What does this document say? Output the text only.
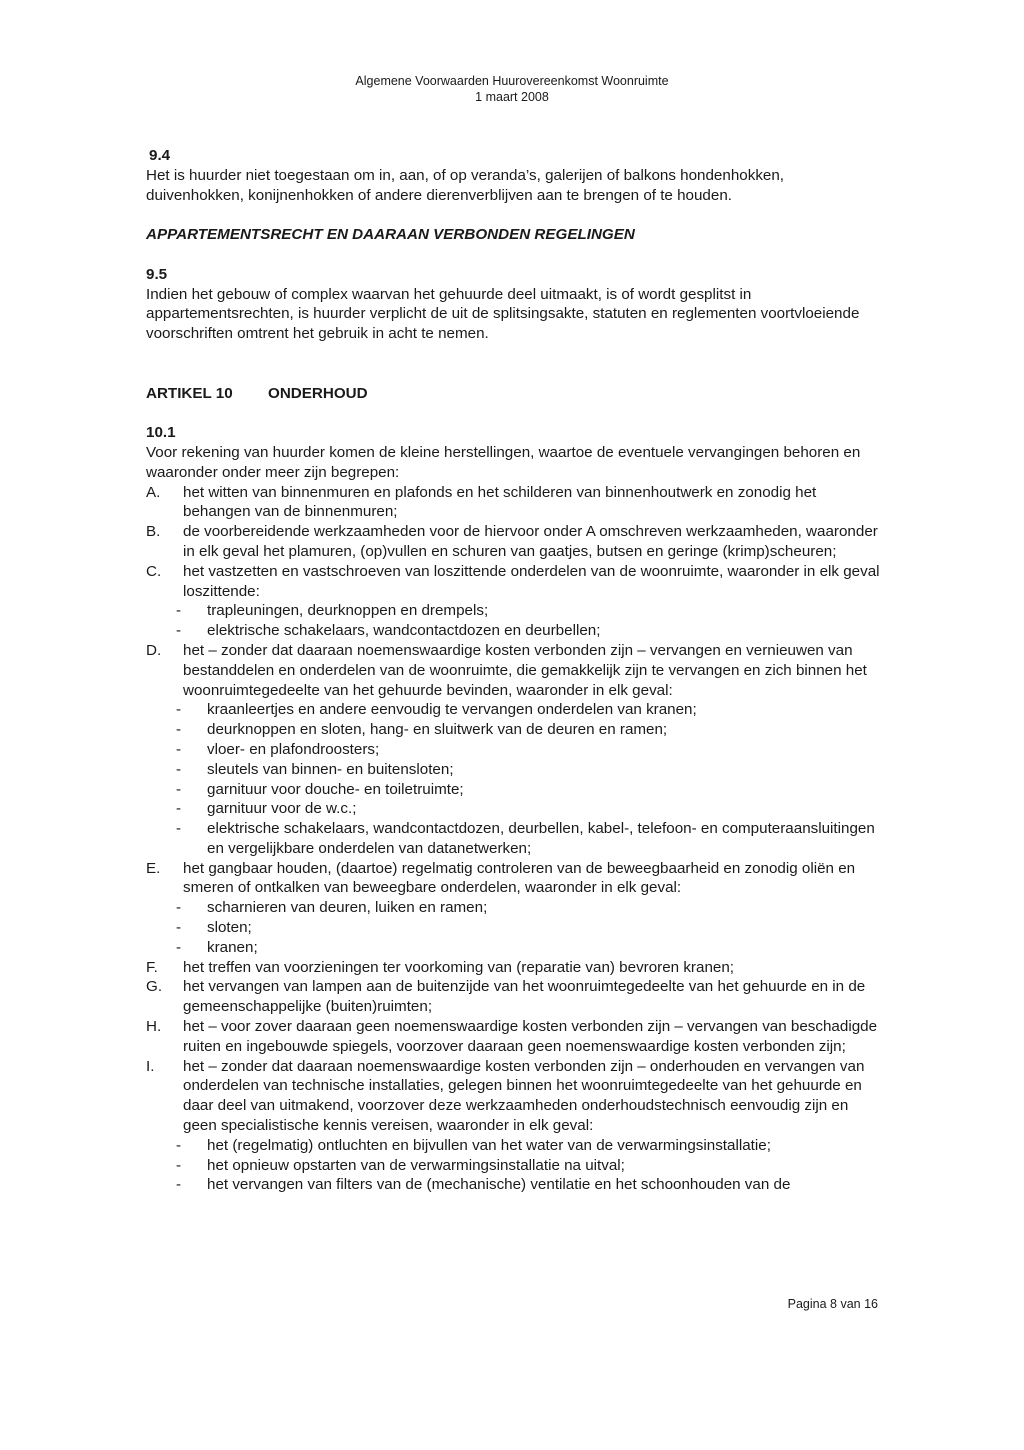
Algemene Voorwaarden Huurovereenkomst Woonruimte
1 maart 2008
9.4
Het is huurder niet toegestaan om in, aan, of op veranda’s, galerijen of balkons hondenhokken, duivenhokken, konijnenhokken of andere dierenverblijven aan te brengen of te houden.
APPARTEMENTSRECHT EN DAARAAN VERBONDEN REGELINGEN
9.5
Indien het gebouw of complex waarvan het gehuurde deel uitmaakt, is of wordt gesplitst in appartementsrechten, is huurder verplicht de uit de splitsingsakte, statuten en reglementen voortvloeiende voorschriften omtrent het gebruik in acht te nemen.
ARTIKEL 10	ONDERHOUD
10.1
Voor rekening van huurder komen de kleine herstellingen, waartoe de eventuele vervangingen behoren en waaronder onder meer zijn begrepen:
A.	het witten van binnenmuren en plafonds en het schilderen van binnenhoutwerk en zonodig het behangen van de binnenmuren;
B.	de voorbereidende werkzaamheden voor de hiervoor onder A omschreven werkzaamheden, waaronder in elk geval het plamuren, (op)vullen en schuren van gaatjes, butsen en geringe (krimp)scheuren;
C.	het vastzetten en vastschroeven van loszittende onderdelen van de woonruimte, waaronder in elk geval loszittende:
-	trapleuningen, deurknoppen en drempels;
-	elektrische schakelaars, wandcontactdozen en deurbellen;
D.	het – zonder dat daaraan noemenswaardige kosten verbonden zijn – vervangen en vernieuwen van bestanddelen en onderdelen van de woonruimte, die gemakkelijk zijn te vervangen en zich binnen het woonruimtegedeelte van het gehuurde bevinden, waaronder in elk geval:
-	kraanleertjes en andere eenvoudig te vervangen onderdelen van kranen;
-	deurknoppen en sloten, hang- en sluitwerk van de deuren en ramen;
-	vloer- en plafondroosters;
-	sleutels van binnen- en buitensloten;
-	garnituur voor douche- en toiletruimte;
-	garnituur voor de w.c.;
-	elektrische schakelaars, wandcontactdozen, deurbellen, kabel-, telefoon- en computeraansluitingen en vergelijkbare onderdelen van datanetwerken;
E.	het gangbaar houden, (daartoe) regelmatig controleren van de beweegbaarheid en zonodig oliën en smeren of ontkalken van beweegbare onderdelen, waaronder in elk geval:
-	scharnieren van deuren, luiken en ramen;
-	sloten;
-	kranen;
F.	het treffen van voorzieningen ter voorkoming van (reparatie van) bevroren kranen;
G.	het vervangen van lampen aan de buitenzijde van het woonruimtegedeelte van het gehuurde en in de gemeenschappelijke (buiten)ruimten;
H.	het – voor zover daaraan geen noemenswaardige kosten verbonden zijn – vervangen van beschadigde ruiten en ingebouwde spiegels, voorzover daaraan geen noemenswaardige kosten verbonden zijn;
I.	het – zonder dat daaraan noemenswaardige kosten verbonden zijn – onderhouden en vervangen van onderdelen van technische installaties, gelegen binnen het woonruimtegedeelte van het gehuurde en daar deel van uitmakend, voorzover deze werkzaamheden onderhoudstechnisch eenvoudig zijn en geen specialistische kennis vereisen, waaronder in elk geval:
-	het (regelmatig) ontluchten en bijvullen van het water van de verwarmingsinstallatie;
-	het opnieuw opstarten van de verwarmingsinstallatie na uitval;
-	het vervangen van filters van de (mechanische) ventilatie en het schoonhouden van de
Pagina 8 van 16
